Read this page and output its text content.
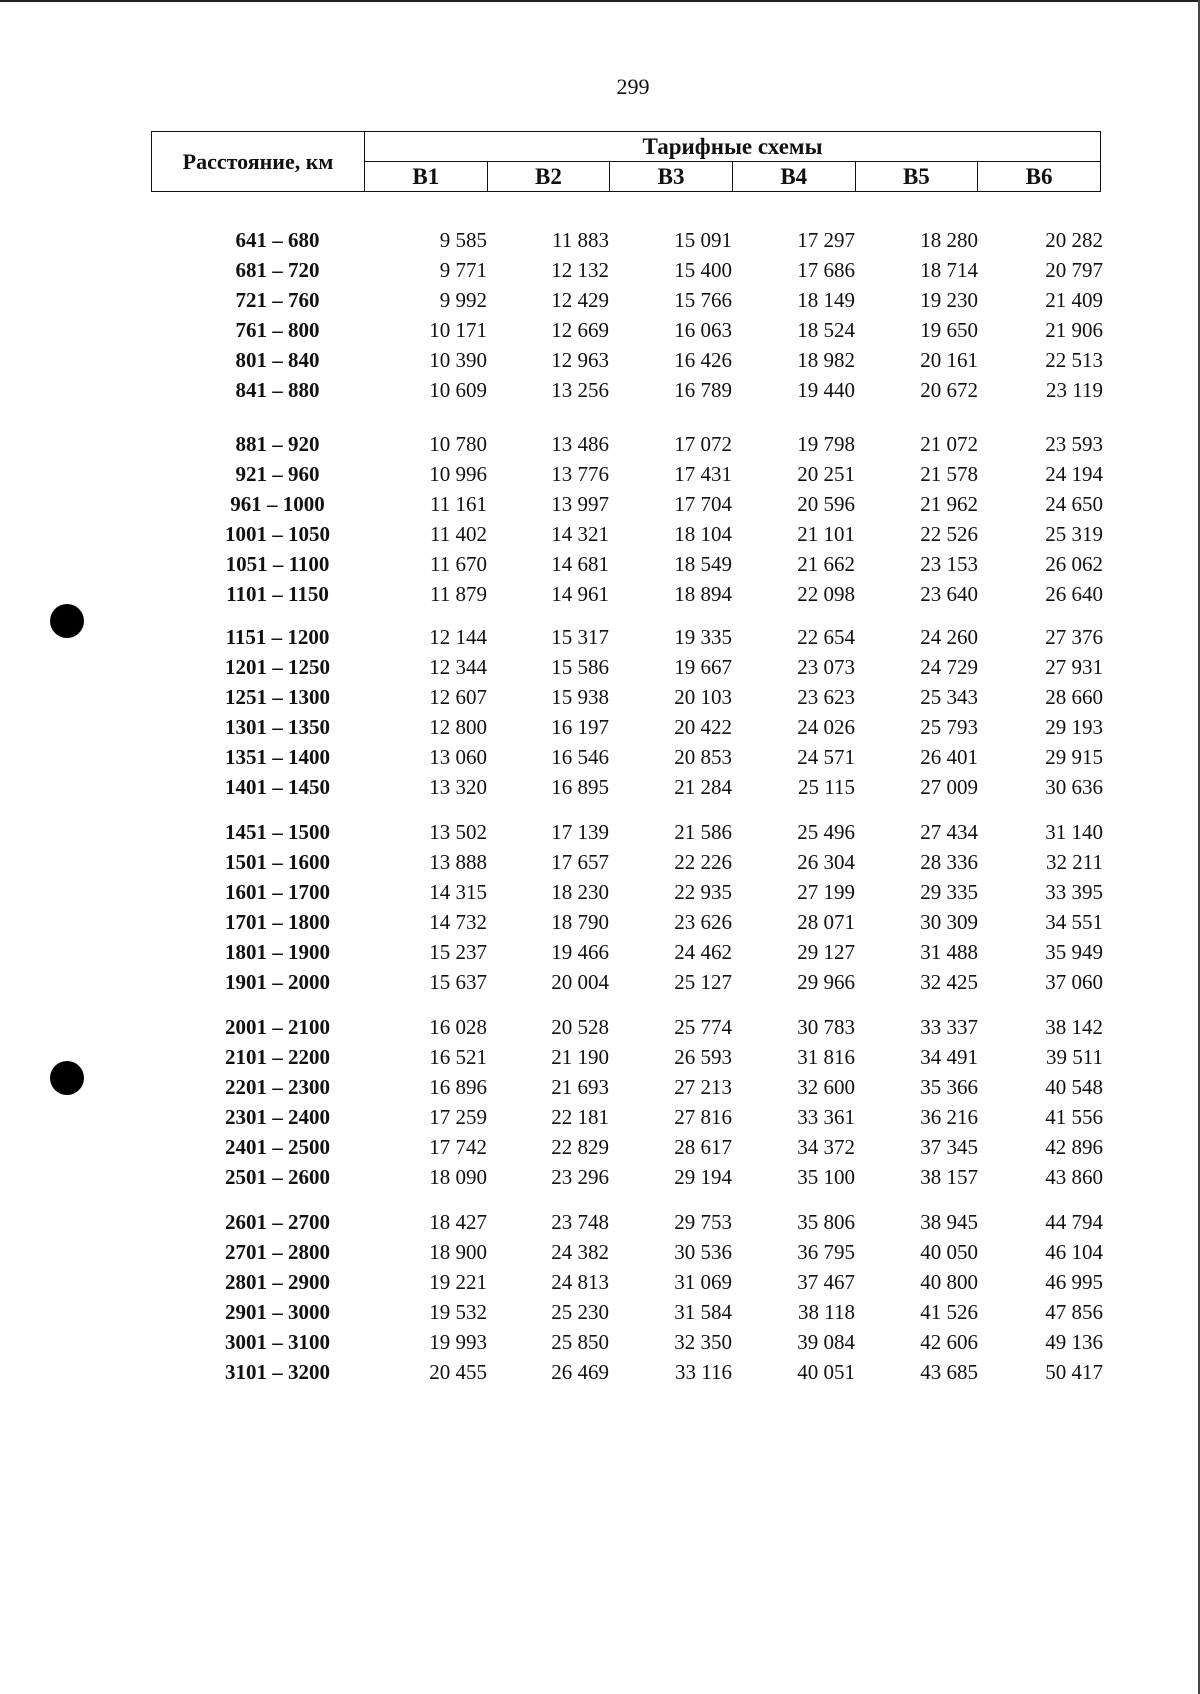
299
Расстояние, км	Тарифные схемы					
	В1	В2	В3	В4	В5	В6
641 – 680	9 585	11 883	15 091	17 297	18 280	20 282
681 – 720	9 771	12 132	15 400	17 686	18 714	20 797
721 – 760	9 992	12 429	15 766	18 149	19 230	21 409
761 – 800	10 171	12 669	16 063	18 524	19 650	21 906
801 – 840	10 390	12 963	16 426	18 982	20 161	22 513
841 – 880	10 609	13 256	16 789	19 440	20 672	23 119
881 – 920	10 780	13 486	17 072	19 798	21 072	23 593
921 – 960	10 996	13 776	17 431	20 251	21 578	24 194
961 – 1000	11 161	13 997	17 704	20 596	21 962	24 650
1001 – 1050	11 402	14 321	18 104	21 101	22 526	25 319
1051 – 1100	11 670	14 681	18 549	21 662	23 153	26 062
1101 – 1150	11 879	14 961	18 894	22 098	23 640	26 640
1151 – 1200	12 144	15 317	19 335	22 654	24 260	27 376
1201 – 1250	12 344	15 586	19 667	23 073	24 729	27 931
1251 – 1300	12 607	15 938	20 103	23 623	25 343	28 660
1301 – 1350	12 800	16 197	20 422	24 026	25 793	29 193
1351 – 1400	13 060	16 546	20 853	24 571	26 401	29 915
1401 – 1450	13 320	16 895	21 284	25 115	27 009	30 636
1451 – 1500	13 502	17 139	21 586	25 496	27 434	31 140
1501 – 1600	13 888	17 657	22 226	26 304	28 336	32 211
1601 – 1700	14 315	18 230	22 935	27 199	29 335	33 395
1701 – 1800	14 732	18 790	23 626	28 071	30 309	34 551
1801 – 1900	15 237	19 466	24 462	29 127	31 488	35 949
1901 – 2000	15 637	20 004	25 127	29 966	32 425	37 060
2001 – 2100	16 028	20 528	25 774	30 783	33 337	38 142
2101 – 2200	16 521	21 190	26 593	31 816	34 491	39 511
2201 – 2300	16 896	21 693	27 213	32 600	35 366	40 548
2301 – 2400	17 259	22 181	27 816	33 361	36 216	41 556
2401 – 2500	17 742	22 829	28 617	34 372	37 345	42 896
2501 – 2600	18 090	23 296	29 194	35 100	38 157	43 860
2601 – 2700	18 427	23 748	29 753	35 806	38 945	44 794
2701 – 2800	18 900	24 382	30 536	36 795	40 050	46 104
2801 – 2900	19 221	24 813	31 069	37 467	40 800	46 995
2901 – 3000	19 532	25 230	31 584	38 118	41 526	47 856
3001 – 3100	19 993	25 850	32 350	39 084	42 606	49 136
3101 – 3200	20 455	26 469	33 116	40 051	43 685	50 417
